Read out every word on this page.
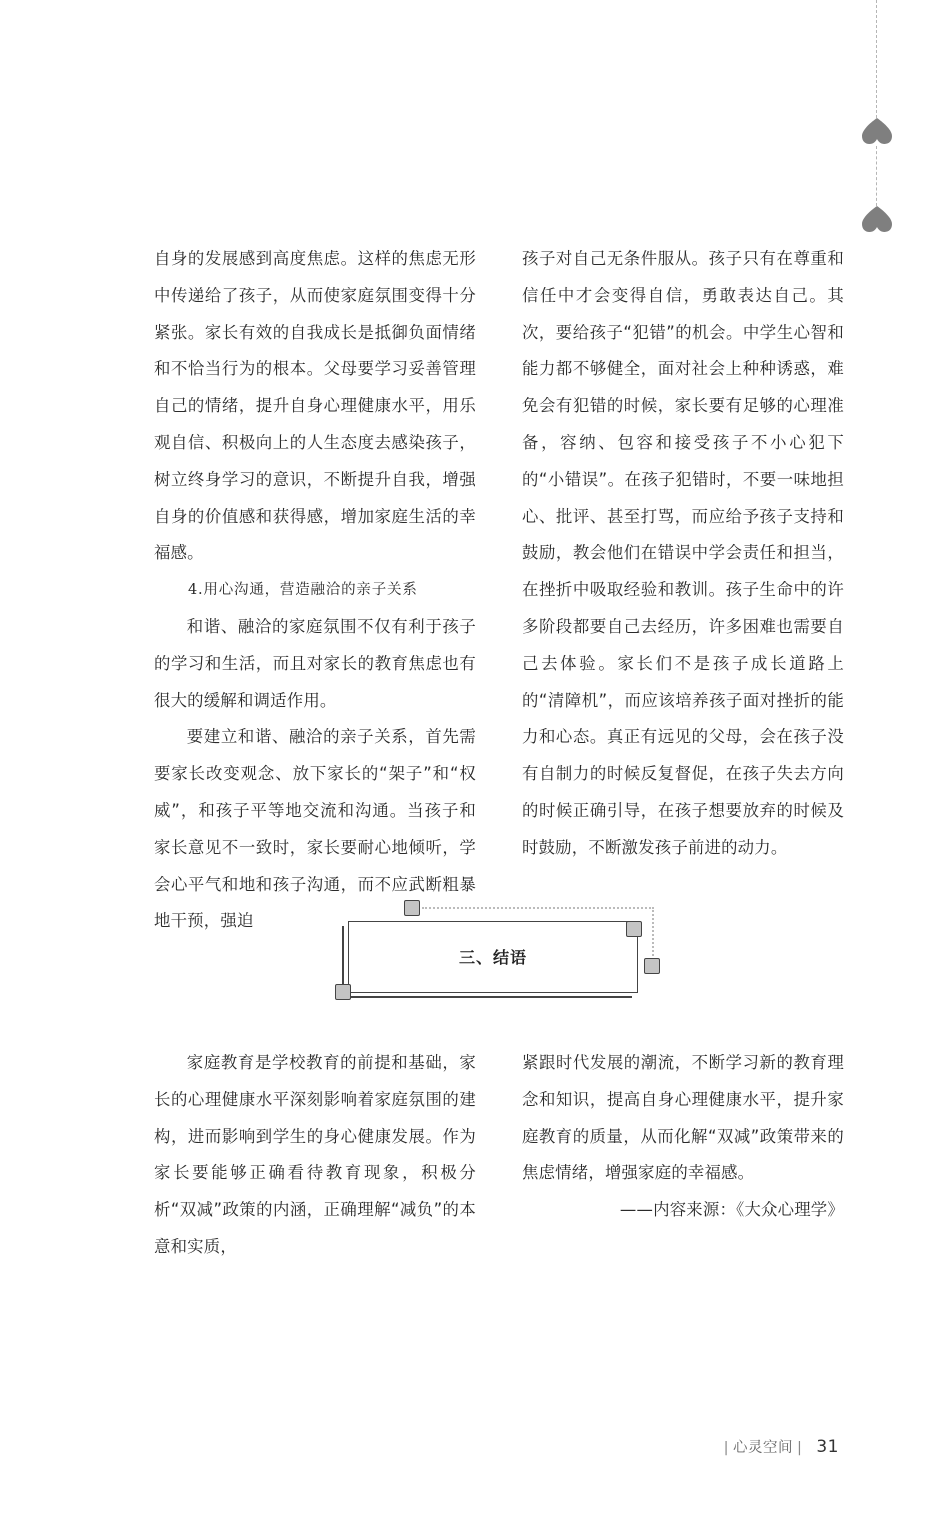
自身的发展感到高度焦虑。这样的焦虑无形中传递给了孩子，从而使家庭氛围变得十分紧张。家长有效的自我成长是抵御负面情绪和不恰当行为的根本。父母要学习妥善管理自己的情绪，提升自身心理健康水平，用乐观自信、积极向上的人生态度去感染孩子，树立终身学习的意识，不断提升自我，增强自身的价值感和获得感，增加家庭生活的幸福感。

4.用心沟通，营造融洽的亲子关系

和谐、融洽的家庭氛围不仅有利于孩子的学习和生活，而且对家长的教育焦虑也有很大的缓解和调适作用。

要建立和谐、融洽的亲子关系，首先需要家长改变观念、放下家长的“架子”和“权威”，和孩子平等地交流和沟通。当孩子和家长意见不一致时，家长要耐心地倾听，学会心平气和地和孩子沟通，而不应武断粗暴地干预，强迫

孩子对自己无条件服从。孩子只有在尊重和信任中才会变得自信，勇敢表达自己。其次，要给孩子“犯错”的机会。中学生心智和能力都不够健全，面对社会上种种诱惑，难免会有犯错的时候，家长要有足够的心理准备，容纳、包容和接受孩子不小心犯下的“小错误”。在孩子犯错时，不要一味地担心、批评、甚至打骂，而应给予孩子支持和鼓励，教会他们在错误中学会责任和担当，在挫折中吸取经验和教训。孩子生命中的许多阶段都要自己去经历，许多困难也需要自己去体验。家长们不是孩子成长道路上的“清障机”，而应该培养孩子面对挫折的能力和心态。真正有远见的父母，会在孩子没有自制力的时候反复督促，在孩子失去方向的时候正确引导，在孩子想要放弃的时候及时鼓励，不断激发孩子前进的动力。

三、结语

家庭教育是学校教育的前提和基础，家长的心理健康水平深刻影响着家庭氛围的建构，进而影响到学生的身心健康发展。作为家长要能够正确看待教育现象，积极分析“双减”政策的内涵，正确理解“减负”的本意和实质，

紧跟时代发展的潮流，不断学习新的教育理念和知识，提高自身心理健康水平，提升家庭教育的质量，从而化解“双减”政策带来的焦虑情绪，增强家庭的幸福感。

——内容来源：《大众心理学》

| 心灵空间 | 31
